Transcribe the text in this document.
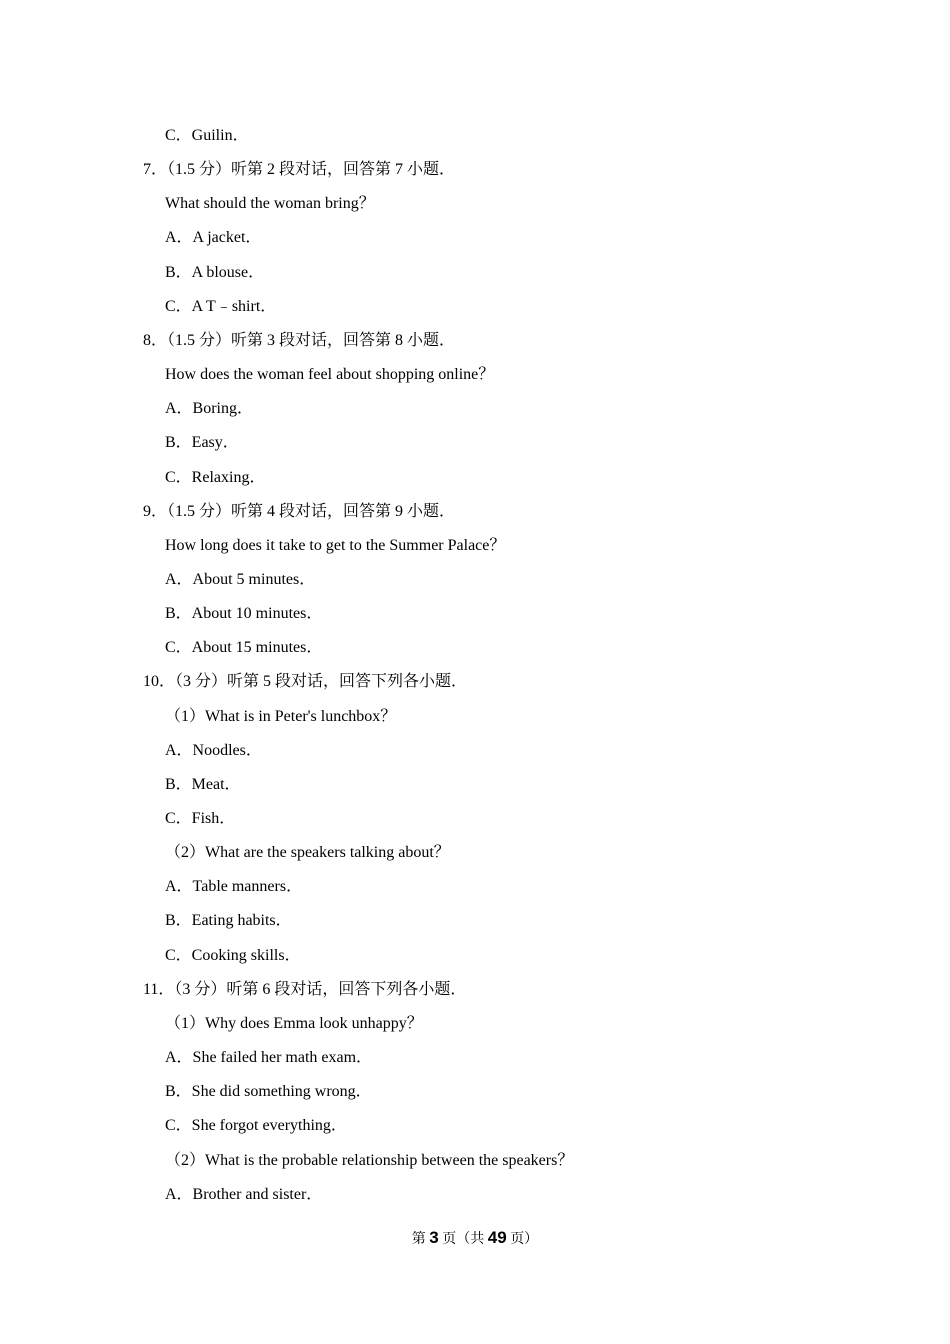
C．Guilin．
7．（1.5 分）听第 2 段对话，回答第 7 小题．
What should the woman bring？
A．A jacket．
B．A blouse．
C．A T﹣shirt．
8．（1.5 分）听第 3 段对话，回答第 8 小题．
How does the woman feel about shopping online？
A．Boring．
B．Easy．
C．Relaxing．
9．（1.5 分）听第 4 段对话，回答第 9 小题．
How long does it take to get to the Summer Palace？
A．About 5 minutes．
B．About 10 minutes．
C．About 15 minutes．
10．（3 分）听第 5 段对话，回答下列各小题．
（1）What is in Peter's lunchbox？
A．Noodles．
B．Meat．
C．Fish．
（2）What are the speakers talking about？
A．Table manners．
B．Eating habits．
C．Cooking skills．
11．（3 分）听第 6 段对话，回答下列各小题．
（1）Why does Emma look unhappy？
A．She failed her math exam．
B．She did something wrong．
C．She forgot everything．
（2）What is the probable relationship between the speakers？
A．Brother and sister．
第 3 页（共 49 页）
